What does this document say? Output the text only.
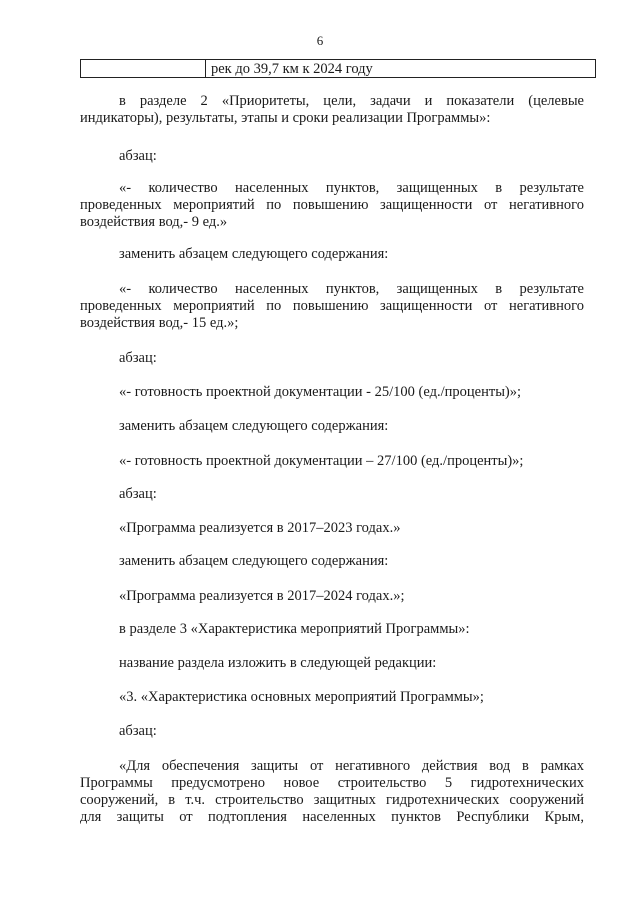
6
рек до 39,7 км к 2024 году
в разделе 2 «Приоритеты, цели, задачи и показатели (целевые
индикаторы), результаты, этапы и сроки реализации Программы»:
абзац:
«- количество населенных пунктов, защищенных в результате
проведенных мероприятий по повышению защищенности от негативного
воздействия вод,- 9 ед.»
заменить абзацем следующего содержания:
«- количество населенных пунктов, защищенных в результате
проведенных мероприятий по повышению защищенности от негативного
воздействия вод,- 15 ед.»;
абзац:
«- готовность проектной документации - 25/100 (ед./проценты)»;
заменить абзацем следующего содержания:
«- готовность проектной документации – 27/100 (ед./проценты)»;
абзац:
«Программа реализуется в 2017–2023 годах.»
заменить абзацем следующего содержания:
«Программа реализуется в 2017–2024 годах.»;
в разделе 3 «Характеристика мероприятий Программы»:
название раздела изложить в следующей редакции:
«3. «Характеристика основных мероприятий Программы»;
абзац:
«Для обеспечения защиты от негативного действия вод в рамках
Программы предусмотрено новое строительство 5 гидротехнических
сооружений, в т.ч. строительство защитных гидротехнических сооружений
для защиты от подтопления населенных пунктов Республики Крым,
